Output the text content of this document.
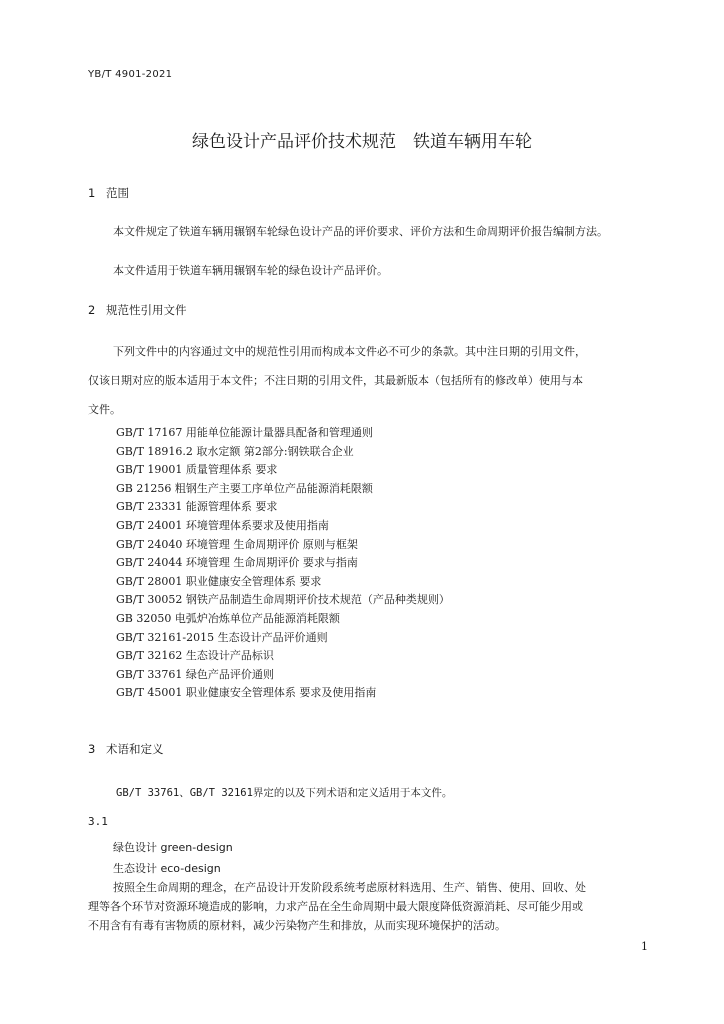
YB/T 4901-2021
绿色设计产品评价技术规范　铁道车辆用车轮
1 范围
本文件规定了铁道车辆用辗钢车轮绿色设计产品的评价要求、评价方法和生命周期评价报告编制方法。
本文件适用于铁道车辆用辗钢车轮的绿色设计产品评价。
2 规范性引用文件
下列文件中的内容通过文中的规范性引用而构成本文件必不可少的条款。其中注日期的引用文件，
仅该日期对应的版本适用于本文件；不注日期的引用文件，其最新版本（包括所有的修改单）使用与本
文件。
GB/T 17167 用能单位能源计量器具配备和管理通则
GB/T 18916.2 取水定额 第2部分:钢铁联合企业
GB/T 19001 质量管理体系 要求
GB 21256 粗钢生产主要工序单位产品能源消耗限额
GB/T 23331 能源管理体系 要求
GB/T 24001 环境管理体系要求及使用指南
GB/T 24040 环境管理 生命周期评价 原则与框架
GB/T 24044 环境管理 生命周期评价 要求与指南
GB/T 28001 职业健康安全管理体系 要求
GB/T 30052 钢铁产品制造生命周期评价技术规范（产品种类规则）
GB 32050 电弧炉冶炼单位产品能源消耗限额
GB/T 32161-2015 生态设计产品评价通则
GB/T 32162 生态设计产品标识
GB/T 33761 绿色产品评价通则
GB/T 45001 职业健康安全管理体系 要求及使用指南
3 术语和定义
GB/T 33761、GB/T 32161界定的以及下列术语和定义适用于本文件。
3.1
绿色设计 green-design
生态设计 eco-design
按照全生命周期的理念，在产品设计开发阶段系统考虑原材料选用、生产、销售、使用、回收、处
理等各个环节对资源环境造成的影响，力求产品在全生命周期中最大限度降低资源消耗、尽可能少用或
不用含有有毒有害物质的原材料，减少污染物产生和排放，从而实现环境保护的活动。
1
